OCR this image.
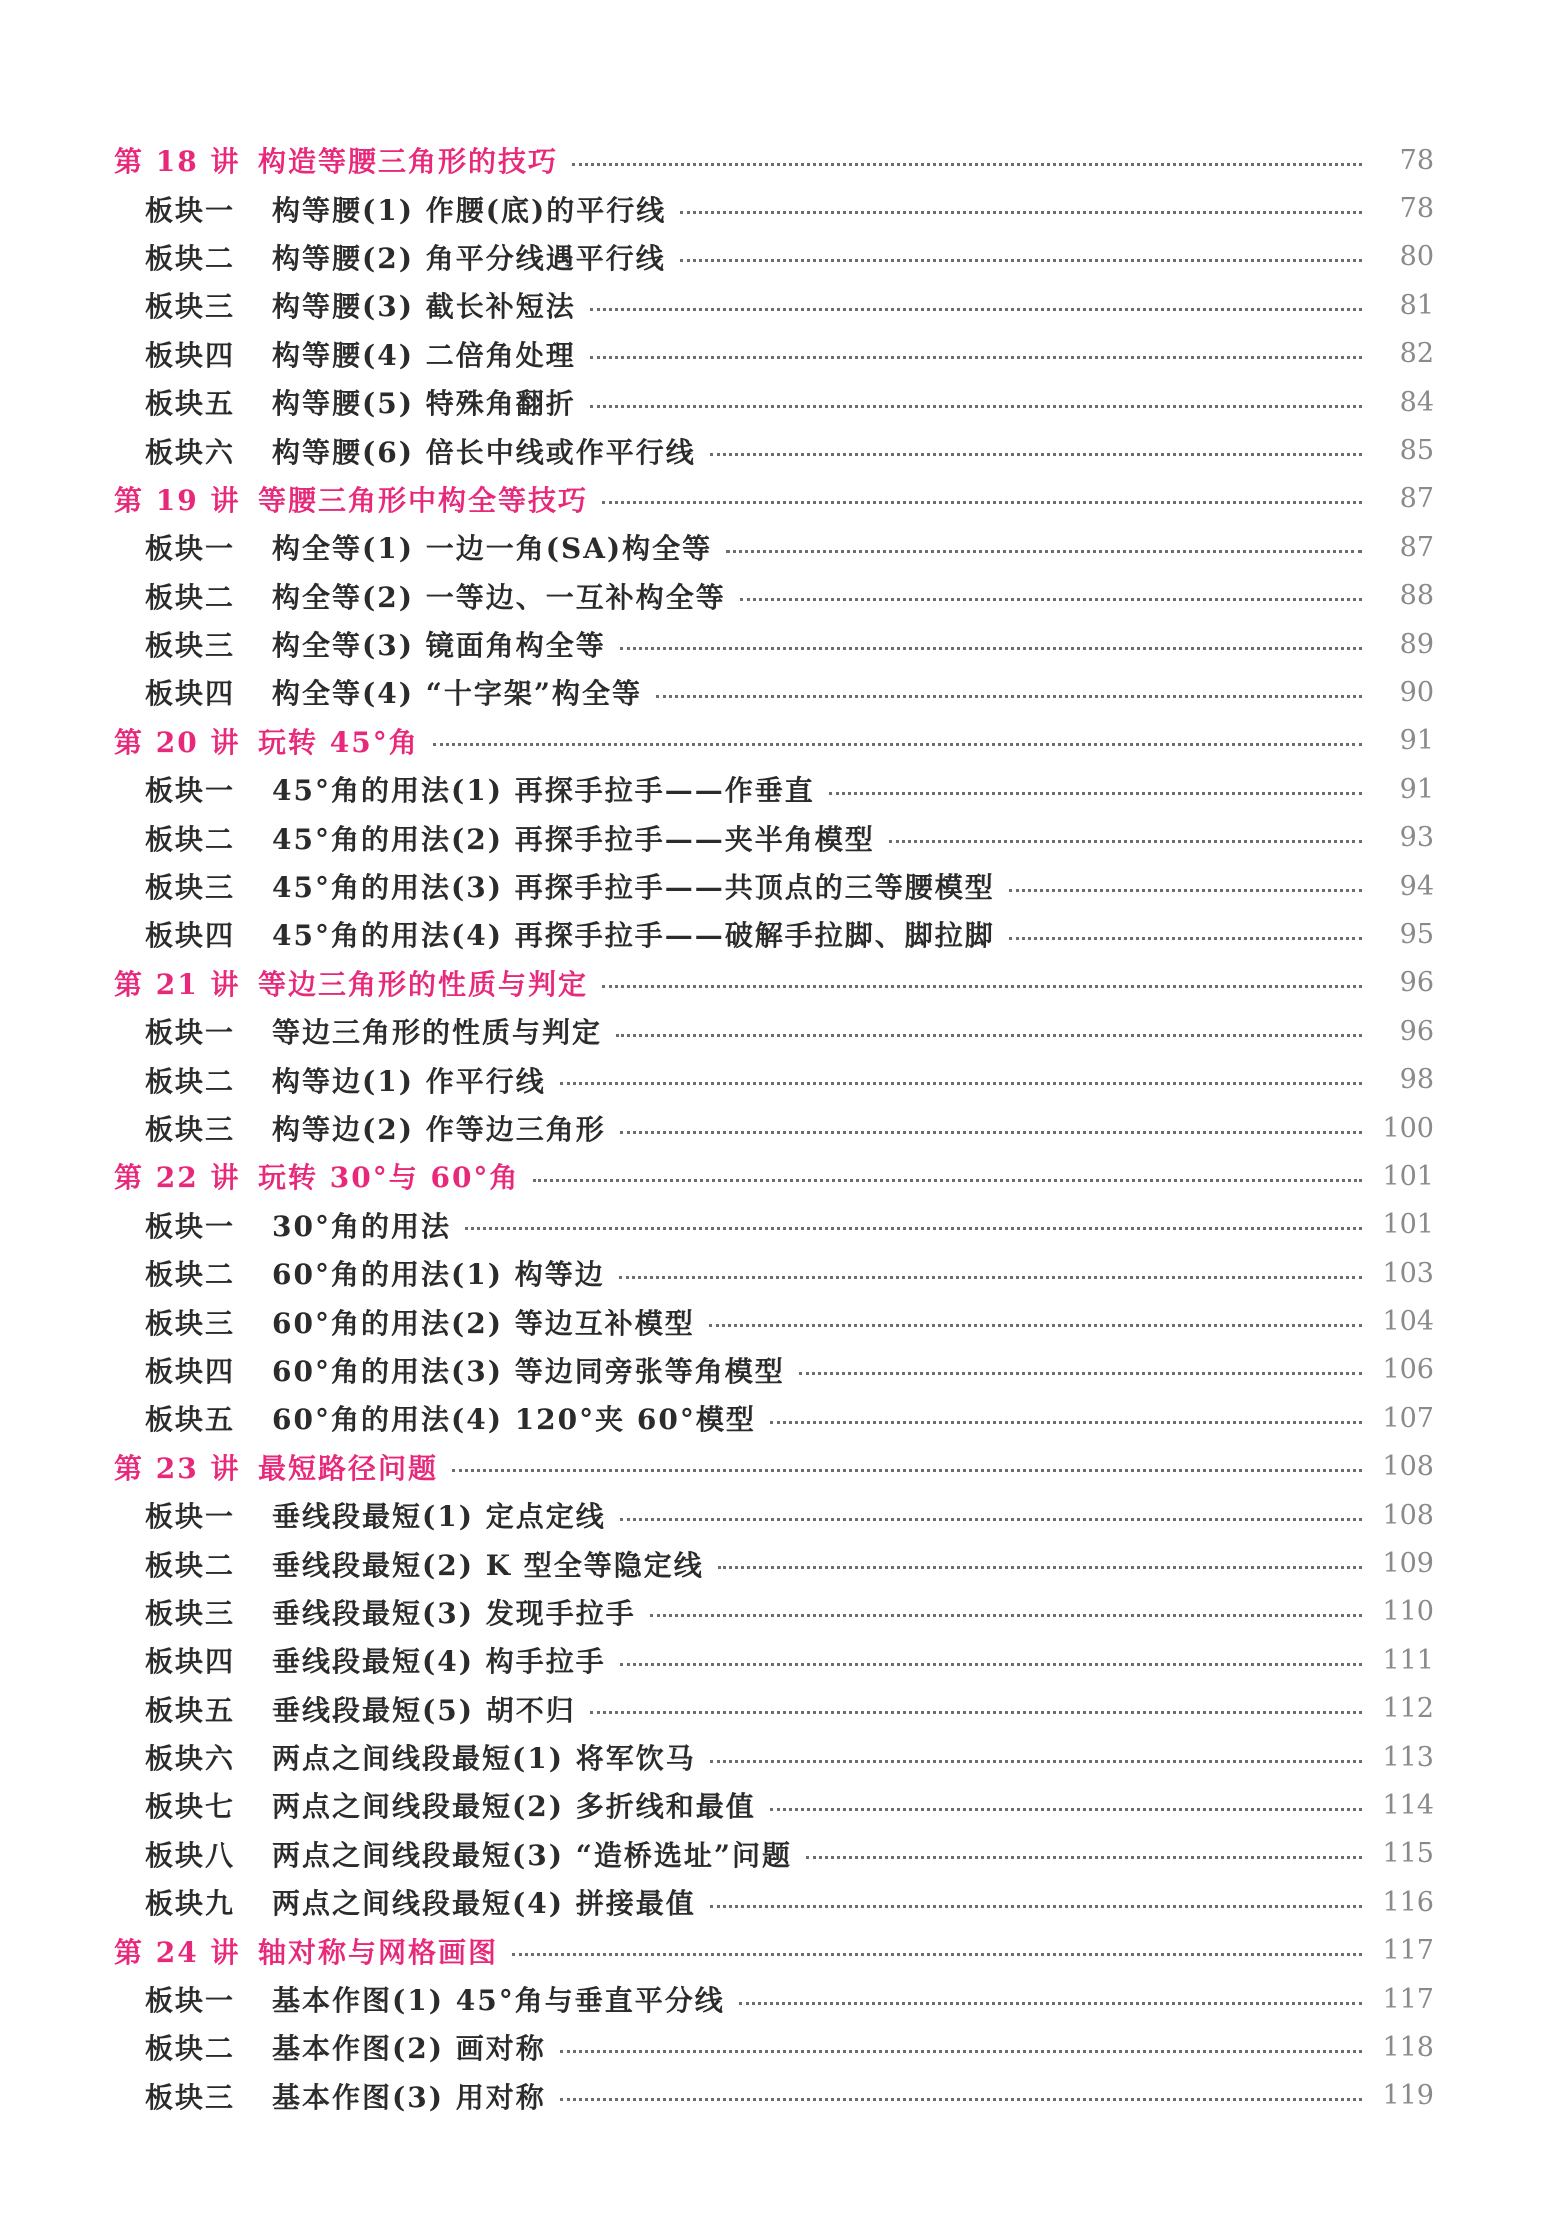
第 18 讲 构造等腰三角形的技巧	78
板块一 构等腰(1) 作腰(底)的平行线	78
板块二 构等腰(2) 角平分线遇平行线	80
板块三 构等腰(3) 截长补短法	81
板块四 构等腰(4) 二倍角处理	82
板块五 构等腰(5) 特殊角翻折	84
板块六 构等腰(6) 倍长中线或作平行线	85
第 19 讲 等腰三角形中构全等技巧	87
板块一 构全等(1) 一边一角(SA)构全等	87
板块二 构全等(2) 一等边、一互补构全等	88
板块三 构全等(3) 镜面角构全等	89
板块四 构全等(4) “十字架”构全等	90
第 20 讲 玩转 45°角	91
板块一 45°角的用法(1) 再探手拉手——作垂直	91
板块二 45°角的用法(2) 再探手拉手——夹半角模型	93
板块三 45°角的用法(3) 再探手拉手——共顶点的三等腰模型	94
板块四 45°角的用法(4) 再探手拉手——破解手拉脚、脚拉脚	95
第 21 讲 等边三角形的性质与判定	96
板块一 等边三角形的性质与判定	96
板块二 构等边(1) 作平行线	98
板块三 构等边(2) 作等边三角形	100
第 22 讲 玩转 30°与 60°角	101
板块一 30°角的用法	101
板块二 60°角的用法(1) 构等边	103
板块三 60°角的用法(2) 等边互补模型	104
板块四 60°角的用法(3) 等边同旁张等角模型	106
板块五 60°角的用法(4) 120°夹 60°模型	107
第 23 讲 最短路径问题	108
板块一 垂线段最短(1) 定点定线	108
板块二 垂线段最短(2) K 型全等隐定线	109
板块三 垂线段最短(3) 发现手拉手	110
板块四 垂线段最短(4) 构手拉手	111
板块五 垂线段最短(5) 胡不归	112
板块六 两点之间线段最短(1) 将军饮马	113
板块七 两点之间线段最短(2) 多折线和最值	114
板块八 两点之间线段最短(3) “造桥选址”问题	115
板块九 两点之间线段最短(4) 拼接最值	116
第 24 讲 轴对称与网格画图	117
板块一 基本作图(1) 45°角与垂直平分线	117
板块二 基本作图(2) 画对称	118
板块三 基本作图(3) 用对称	119
